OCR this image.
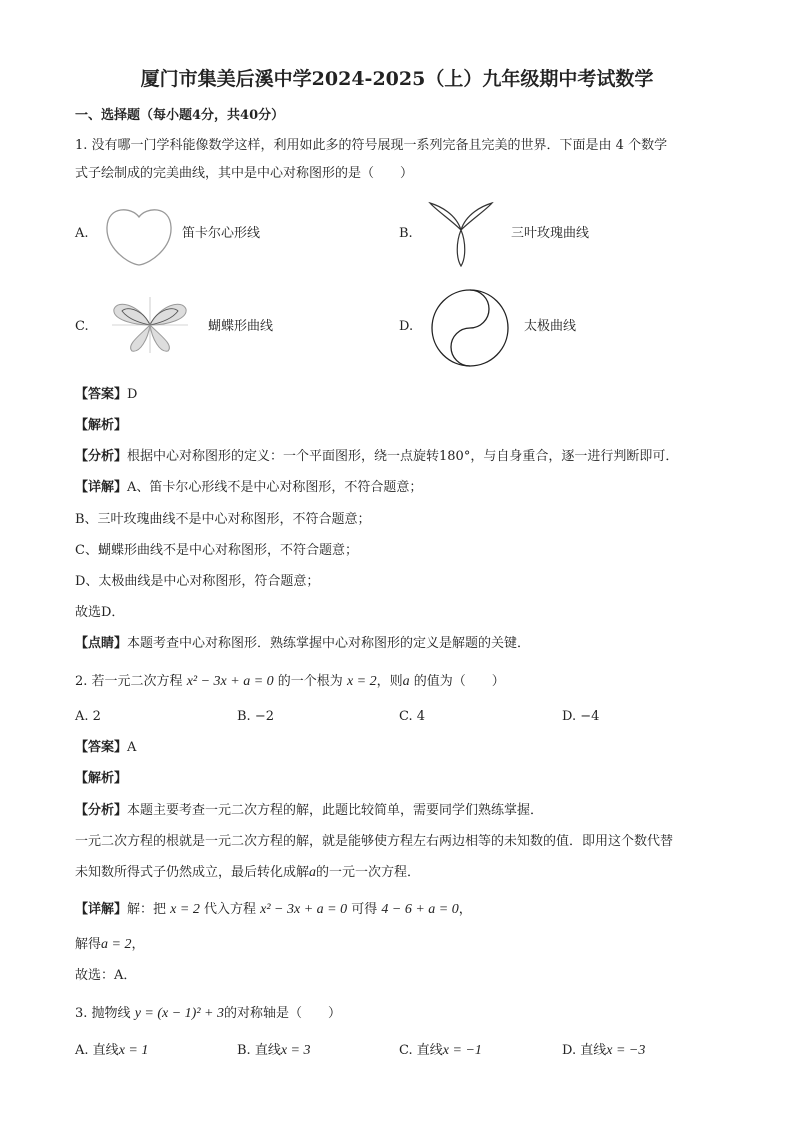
厦门市集美后溪中学2024-2025（上）九年级期中考试数学
一、选择题（每小题4分，共40分）
1. 没有哪一门学科能像数学这样，利用如此多的符号展现一系列完备且完美的世界．下面是由 4 个数学
式子绘制成的完美曲线，其中是中心对称图形的是（　　）
A.	笛卡尔心形线	B.	三叶玫瑰曲线
C.	蝴蝶形曲线	D.	太极曲线
【答案】D
【解析】
【分析】根据中心对称图形的定义：一个平面图形，绕一点旋转180°，与自身重合，逐一进行判断即可．
【详解】A、笛卡尔心形线不是中心对称图形，不符合题意；
B、三叶玫瑰曲线不是中心对称图形，不符合题意；
C、蝴蝶形曲线不是中心对称图形，不符合题意；
D、太极曲线是中心对称图形，符合题意；
故选D．
【点睛】本题考查中心对称图形．熟练掌握中心对称图形的定义是解题的关键．
2. 若一元二次方程 x² − 3x + a = 0 的一个根为 x = 2，则a 的值为（　　）
A. 2	B. −2	C. 4	D. −4
【答案】A
【解析】
【分析】本题主要考查一元二次方程的解，此题比较简单，需要同学们熟练掌握．
一元二次方程的根就是一元二次方程的解，就是能够使方程左右两边相等的未知数的值．即用这个数代替
未知数所得式子仍然成立，最后转化成解a的一元一次方程．
【详解】解：把 x = 2 代入方程 x² − 3x + a = 0 可得 4 − 6 + a = 0，
解得a = 2，
故选：A．
3. 抛物线 y = (x − 1)² + 3的对称轴是（　　）
A. 直线x = 1	B. 直线x = 3	C. 直线x = −1	D. 直线x = −3
